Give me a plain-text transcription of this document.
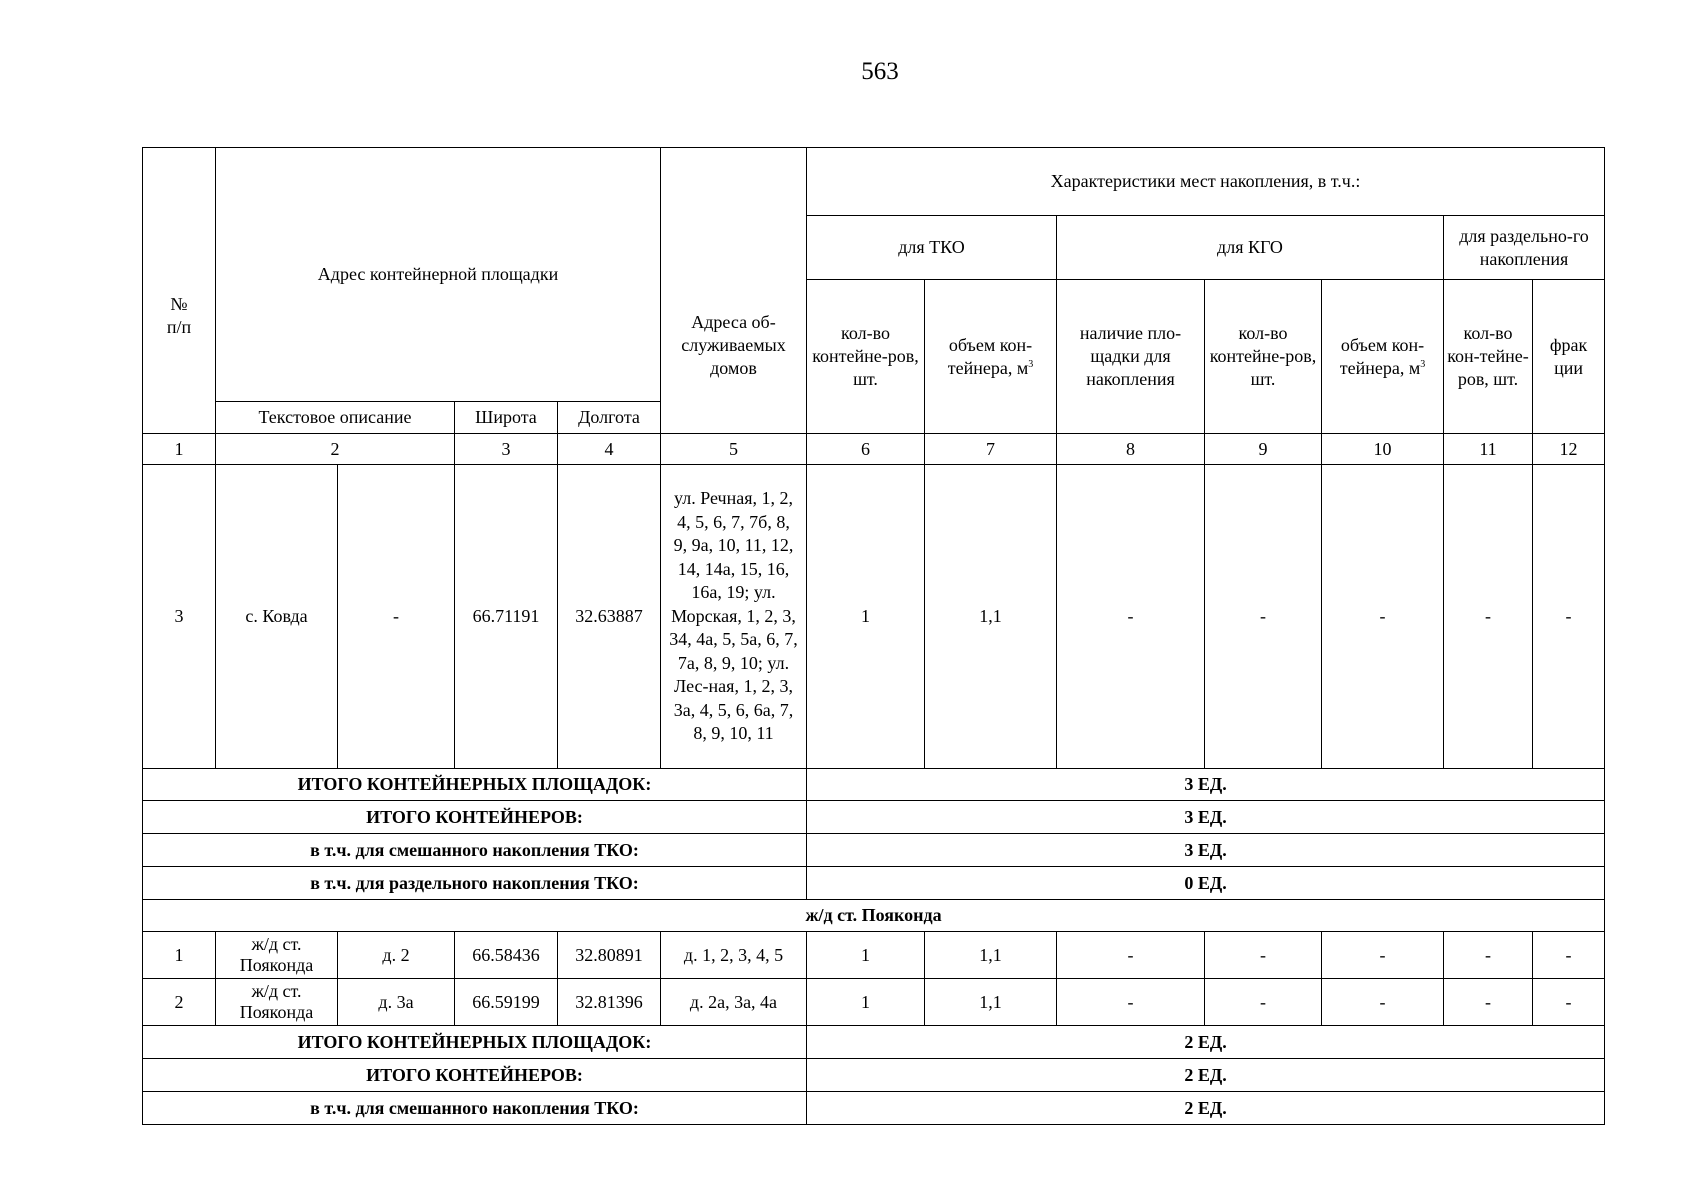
563
№
п/п	Адрес контейнерной площадки				Адреса об-служиваемых домов	Характеристики мест накопления, в т.ч.:						
						для ТКО		для КГО			для раздельно-го накопления	
						кол-во контейне-ров, шт.	объем кон-тейнера, $м^3$	наличие пло-щадки для накопления	кол-во контейне-ров, шт.	объем кон-тейнера, $м^3$	кол-во кон-тейне-ров, шт.	фрак ции
	Текстовое описание		Широта	Долгота								
1	2		3	4	5	6	7	8	9	10	11	12
3	с. Ковда	-	66.71191	32.63887	ул. Речная, 1, 2, 4, 5, 6, 7, 7б, 8, 9, 9а, 10, 11, 12, 14, 14а, 15, 16, 16а, 19; ул. Морская, 1, 2, 3, 34, 4а, 5, 5а, 6, 7, 7а, 8, 9, 10; ул. Лес-ная, 1, 2, 3, 3а, 4, 5, 6, 6а, 7, 8, 9, 10, 11	1	1,1	-	-	-	-	-
ИТОГО КОНТЕЙНЕРНЫХ ПЛОЩАДОК:						3 ЕД.						
ИТОГО КОНТЕЙНЕРОВ:						3 ЕД.						
в т.ч. для смешанного накопления ТКО:						3 ЕД.						
в т.ч. для раздельного накопления ТКО:						0 ЕД.						
ж/д ст. Пояконда												
1	ж/д ст. Пояконда	д. 2	66.58436	32.80891	д. 1, 2, 3, 4, 5	1	1,1	-	-	-	-	-
2	ж/д ст. Пояконда	д. 3а	66.59199	32.81396	д. 2а, 3а, 4а	1	1,1	-	-	-	-	-
ИТОГО КОНТЕЙНЕРНЫХ ПЛОЩАДОК:						2 ЕД.						
ИТОГО КОНТЕЙНЕРОВ:						2 ЕД.						
в т.ч. для смешанного накопления ТКО:						2 ЕД.						
